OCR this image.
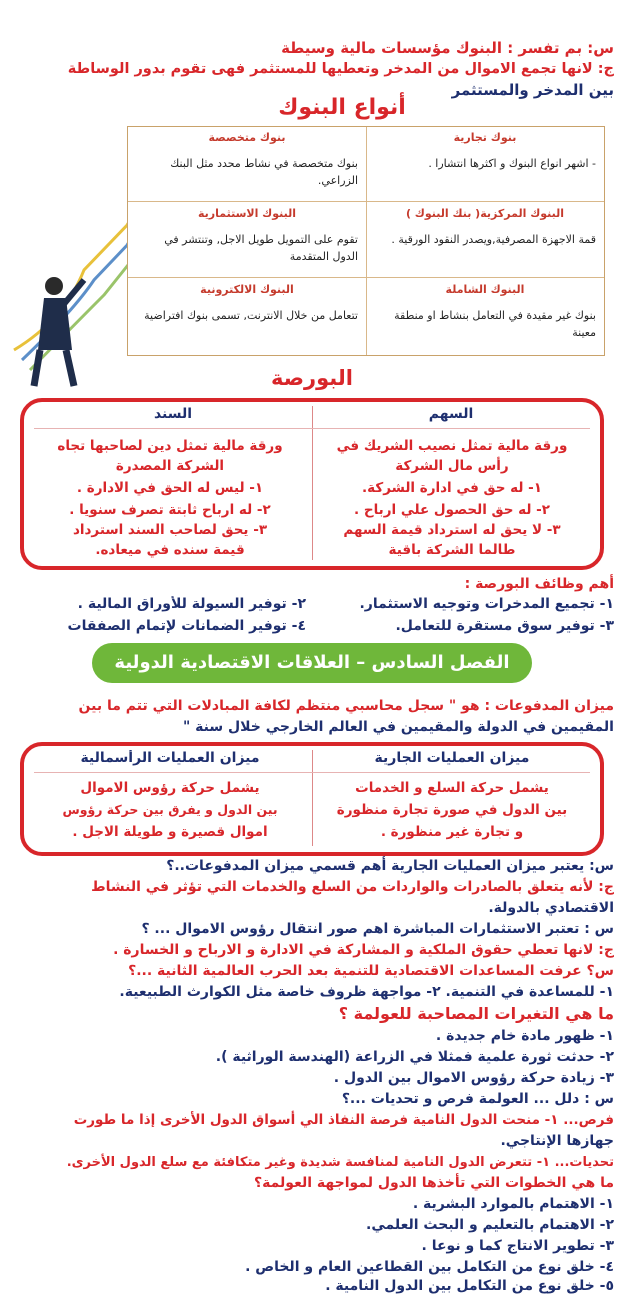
س: بم تفسر : البنوك مؤسسات مالية وسيطة
ج: لانها تجمع الاموال من المدخر وتعطيها للمستثمر فهى تقوم بدور الوساطة
بين المدخر والمستثمر
أنواع البنوك
بنوك تجارية
- اشهر انواع البنوك و اكثرها انتشارا .
بنوك متخصصة
بنوك متخصصة في نشاط محدد مثل البنك الزراعي.
البنوك المركزية( بنك البنوك )
قمة الاجهزة المصرفية,ويصدر النقود الورقية .
البنوك الاستثمارية
تقوم على التمويل طويل الاجل, وتنتشر في الدول المتقدمة
البنوك الشاملة
بنوك غير مقيدة في التعامل بنشاط او منطقة معينة
البنوك الالكترونية
تتعامل من خلال الانترنت, تسمى بنوك افتراضية
البورصة
السهم
ورقة مالية تمثل نصيب الشريك في
رأس مال الشركة
١- له حق في ادارة الشركة.
٢- له حق الحصول علي ارباح .
٣- لا يحق له استرداد قيمة السهم
طالما الشركة باقية
السند
ورقة مالية تمثل دين لصاحبها تجاه
الشركة المصدرة
١- ليس له الحق في الادارة .
٢- له ارباح ثابتة تصرف سنويا .
٣- يحق لصاحب السند استرداد
قيمة سنده في ميعاده.
أهم وظائف البورصة :
١- تجميع المدخرات وتوجيه الاستثمار.
٢- توفير السيولة للأوراق المالية .
٣- توفير سوق مستقرة للتعامل.
٤- توفير الضمانات لإتمام الصفقات
الفصل السادس – العلاقات الاقتصادية الدولية
ميزان المدفوعات : هو " سجل محاسبي منتظم لكافة المبادلات التي تتم ما بين
المقيمين في الدولة والمقيمين في العالم الخارجي خلال سنة "
ميزان العمليات الجارية
يشمل حركة السلع و الخدمات
بين الدول في صورة تجارة منظورة
و تجارة غير منظورة .
ميزان العمليات الرأسمالية
يشمل حركة رؤوس الاموال
بين الدول و يفرق بين حركة رؤوس
اموال قصيرة و طويلة الاجل .
س: يعتبر ميزان العمليات الجارية أهم قسمي ميزان المدفوعات..؟
ج: لأنه يتعلق بالصادرات والواردات من السلع والخدمات التي تؤثر في النشاط
الاقتصادي بالدولة.
س : تعتبر الاستثمارات المباشرة اهم صور انتقال رؤوس الاموال ... ؟
ج: لانها تعطي حقوق الملكية و المشاركة في الادارة و الارباح و الخسارة .
س؟ عرفت المساعدات الاقتصادية للتنمية بعد الحرب العالمية الثانية ...؟
١- للمساعدة في التنمية. ٢- مواجهة ظروف خاصة مثل الكوارث الطبيعية.
ما هي التغيرات المصاحبة للعولمة ؟
١- ظهور مادة خام جديدة .
٢- حدثت ثورة علمية فمثلا في الزراعة (الهندسة الوراثية ).
٣- زيادة حركة رؤوس الاموال بين الدول .
س : دلل ... العولمة فرص و تحديات ...؟
فرص... ١- منحت الدول النامية فرصة النفاذ الي أسواق الدول الأخرى إذا ما طورت
جهازها الإنتاجي.
تحديات... ١- تتعرض الدول النامية لمنافسة شديدة وغير متكافئة مع سلع الدول الأخرى.
ما هي الخطوات التي تأخذها الدول لمواجهة العولمة؟
١- الاهتمام بالموارد البشرية .
٢- الاهتمام بالتعليم و البحث العلمي.
٣- تطوير الانتاج كما و نوعا .
٤- خلق نوع من التكامل بين القطاعين العام و الخاص .
٥- خلق نوع من التكامل بين الدول النامية .
